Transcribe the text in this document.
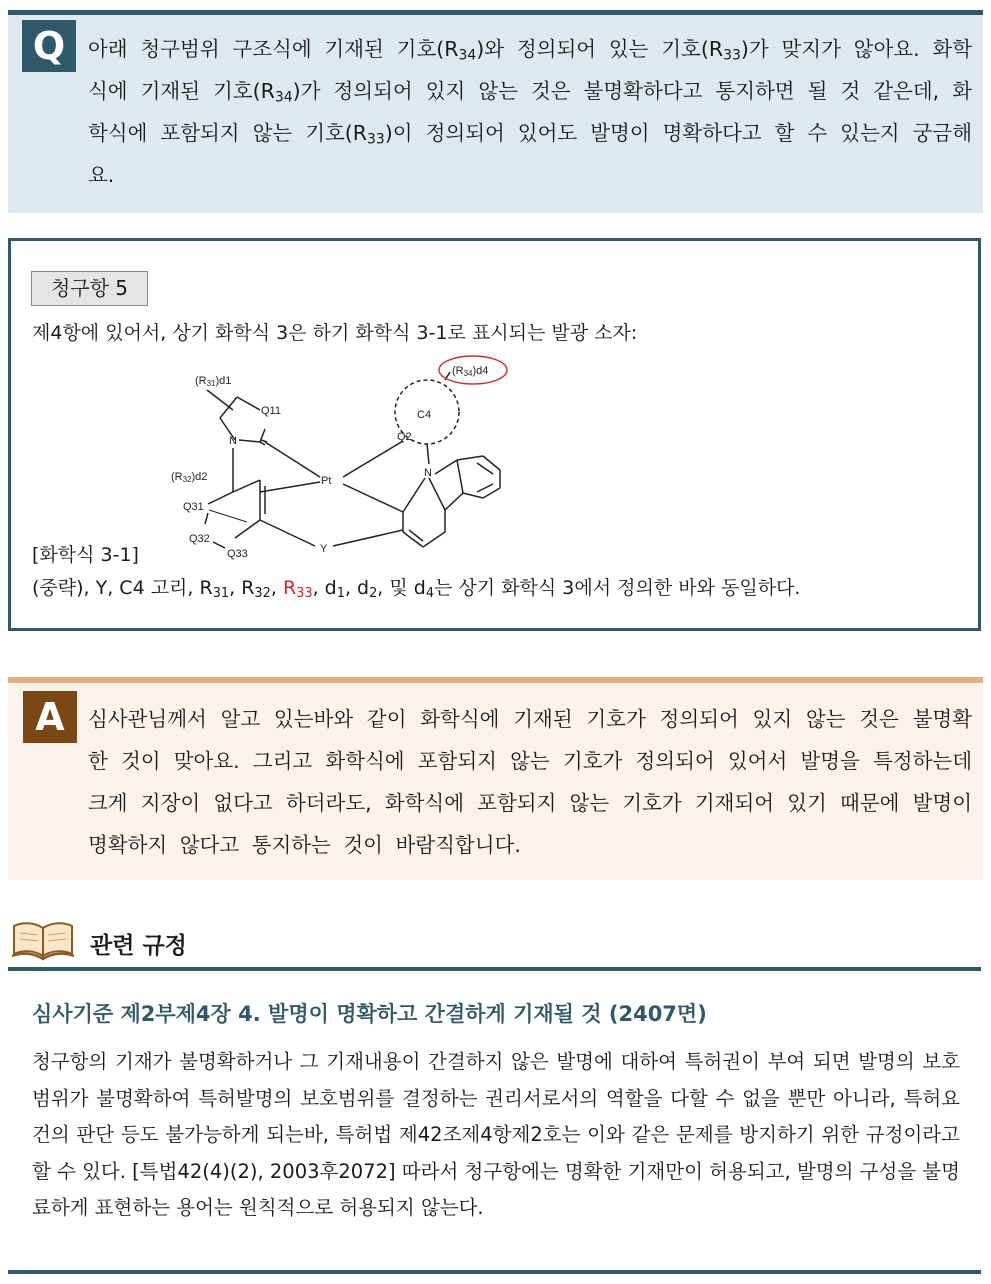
Q	아래 청구범위 구조식에 기재된 기호$(R_{34})$와 정의되어 있는 기호$(R_{33})$가 맞지가 않아요. 화학식에 기재된 기호$(R_{34})$가 정의되어 있지 않는 것은 불명확하다고 통지하면 될 것 같은데, 화학식에 포함되지 않는 기호$(R_{33})$이 정의되어 있어도 발명이 명확하다고 할 수 있는지 궁금해요.
청구항 5
제4항에 있어서, 상기 화학식 3은 하기 화학식 3-1로 표시되는 발광 소자:
(R31)d1
Q11
N
(R32)d2
Q31
Q32
Q33
Pt
Y
Q2
C4
N
(R34)d4
[화학식 3-1]
(중략), Y, C4 고리, $R_{31}$, $R_{32}$, $R_{33}$, $d_1$, $d_2$, 및 $d_4$는 상기 화학식 3에서 정의한 바와 동일하다.
A	심사관님께서 알고 있는바와 같이 화학식에 기재된 기호가 정의되어 있지 않는 것은 불명확한 것이 맞아요. 그리고 화학식에 포함되지 않는 기호가 정의되어 있어서 발명을 특정하는데 크게 지장이 없다고 하더라도, 화학식에 포함되지 않는 기호가 기재되어 있기 때문에 발명이 명확하지 않다고 통지하는 것이 바람직합니다.
관련 규정
심사기준 제2부제4장 4. 발명이 명확하고 간결하게 기재될 것 (2407면)
청구항의 기재가 불명확하거나 그 기재내용이 간결하지 않은 발명에 대하여 특허권이 부여 되면 발명의 보호범위가 불명확하여 특허발명의 보호범위를 결정하는 권리서로서의 역할을 다할 수 없을 뿐만 아니라, 특허요건의 판단 등도 불가능하게 되는바, 특허법 제42조제4항제2호는 이와 같은 문제를 방지하기 위한 규정이라고 할 수 있다. [특법42(4)(2), 2003후2072] 따라서 청구항에는 명확한 기재만이 허용되고, 발명의 구성을 불명료하게 표현하는 용어는 원칙적으로 허용되지 않는다.
